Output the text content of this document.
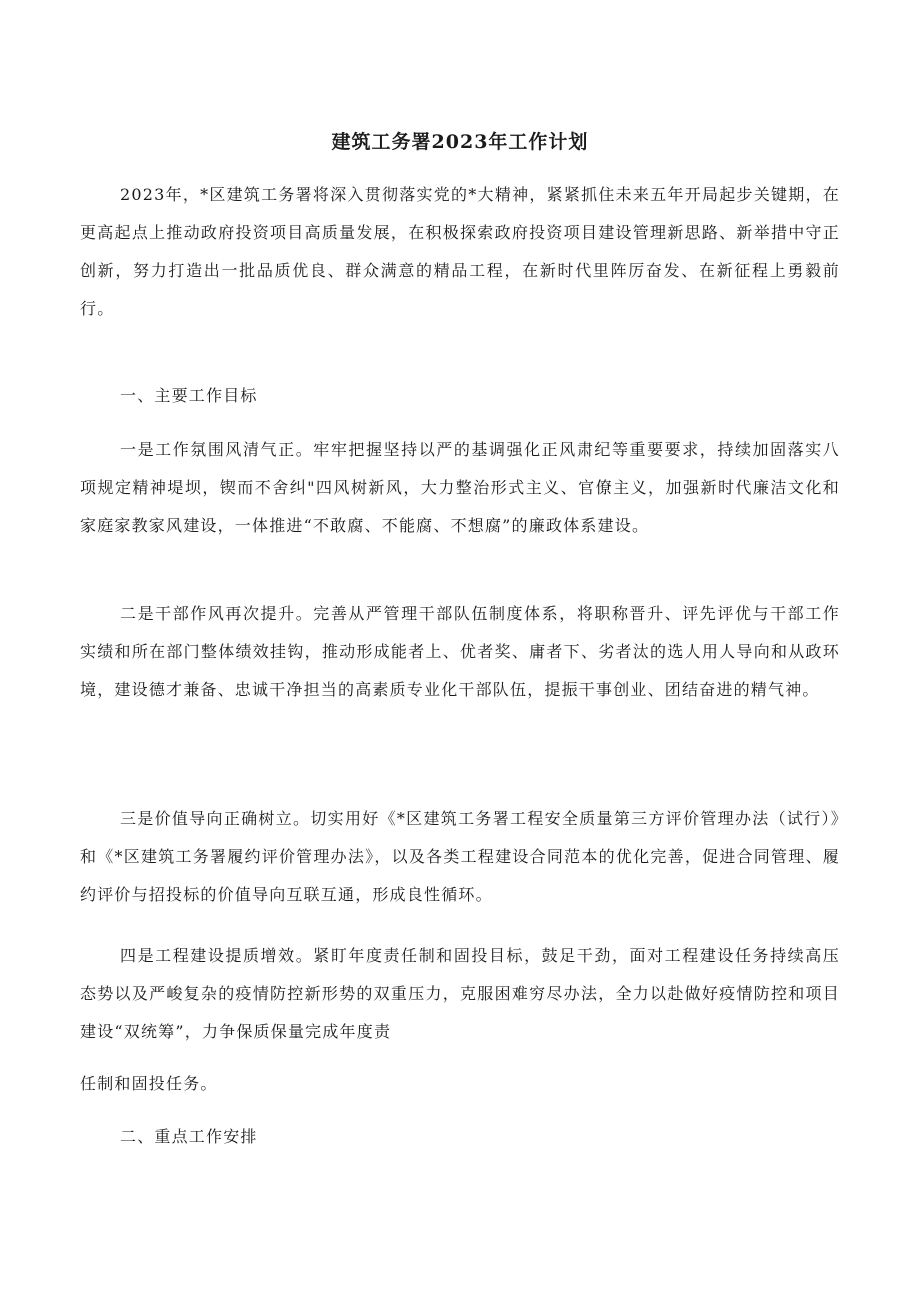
建筑工务署2023年工作计划

2023年，*区建筑工务署将深入贯彻落实党的*大精神，紧紧抓住未来五年开局起步关键期，在更高起点上推动政府投资项目高质量发展，在积极探索政府投资项目建设管理新思路、新举措中守正创新，努力打造出一批品质优良、群众满意的精品工程，在新时代里阵厉奋发、在新征程上勇毅前行。

一、主要工作目标

一是工作氛围风清气正。牢牢把握坚持以严的基调强化正风肃纪等重要要求，持续加固落实八项规定精神堤坝，锲而不舍纠"四风树新风，大力整治形式主义、官僚主义，加强新时代廉洁文化和家庭家教家风建设，一体推进“不敢腐、不能腐、不想腐”的廉政体系建设。

二是干部作风再次提升。完善从严管理干部队伍制度体系，将职称晋升、评先评优与干部工作实绩和所在部门整体绩效挂钩，推动形成能者上、优者奖、庸者下、劣者汰的选人用人导向和从政环境，建设德才兼备、忠诚干净担当的高素质专业化干部队伍，提振干事创业、团结奋进的精气神。

三是价值导向正确树立。切实用好《*区建筑工务署工程安全质量第三方评价管理办法（试行）》和《*区建筑工务署履约评价管理办法》，以及各类工程建设合同范本的优化完善，促进合同管理、履约评价与招投标的价值导向互联互通，形成良性循环。

四是工程建设提质增效。紧盯年度责任制和固投目标，鼓足干劲，面对工程建设任务持续高压态势以及严峻复杂的疫情防控新形势的双重压力，克服困难穷尽办法，全力以赴做好疫情防控和项目建设“双统筹”，力争保质保量完成年度责

任制和固投任务。

二、重点工作安排
